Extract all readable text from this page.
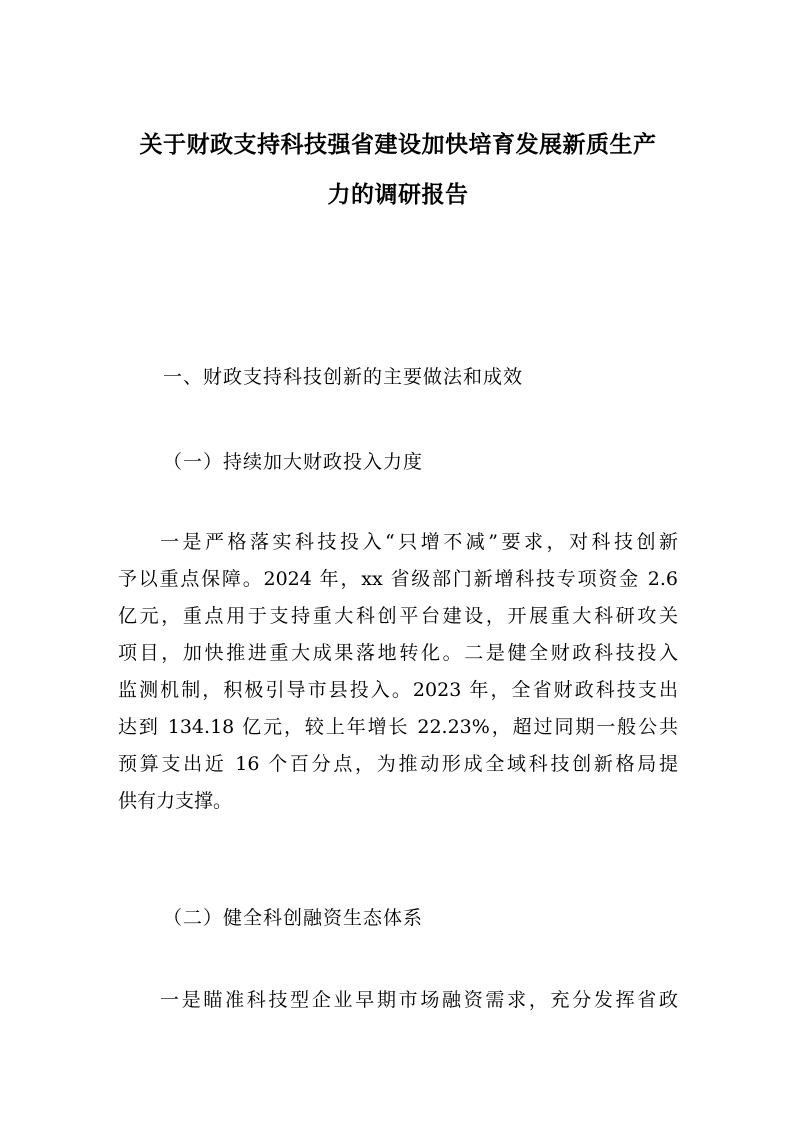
关于财政支持科技强省建设加快培育发展新质生产
力的调研报告

一、财政支持科技创新的主要做法和成效

（一）持续加大财政投入力度

一是严格落实科技投入“只增不减”要求，对科技创新
予以重点保障。2024 年，xx 省级部门新增科技专项资金 2.6
亿元，重点用于支持重大科创平台建设，开展重大科研攻关
项目，加快推进重大成果落地转化。二是健全财政科技投入
监测机制，积极引导市县投入。2023 年，全省财政科技支出
达到 134.18 亿元，较上年增长 22.23%，超过同期一般公共
预算支出近 16 个百分点，为推动形成全域科技创新格局提
供有力支撑。

（二）健全科创融资生态体系

一是瞄准科技型企业早期市场融资需求，充分发挥省政
